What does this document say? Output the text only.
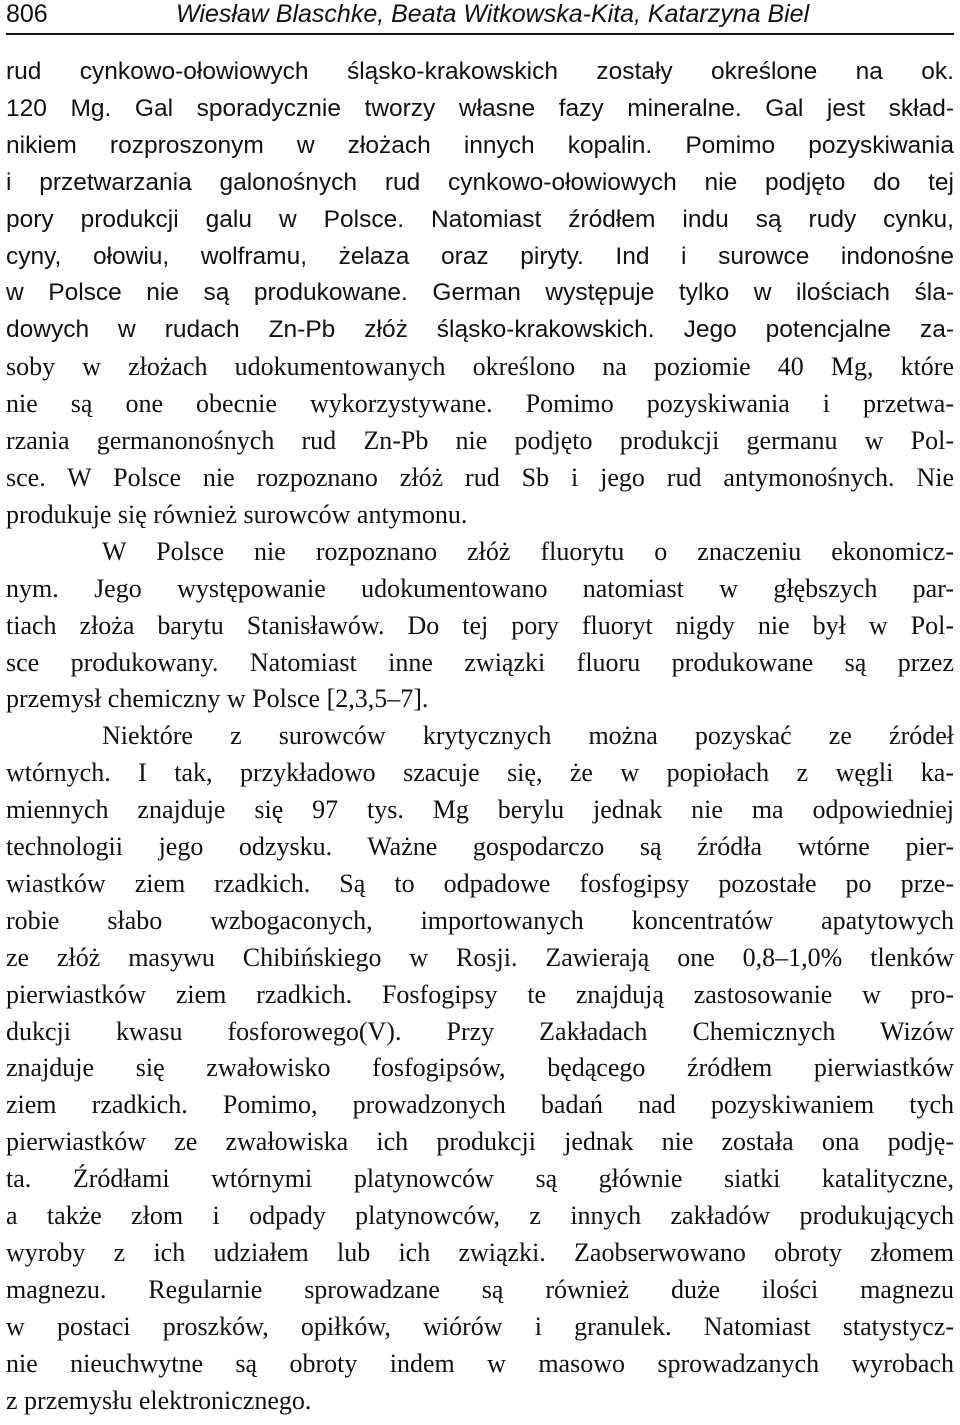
806	Wiesław Blaschke, Beata Witkowska-Kita, Katarzyna Biel

rud cynkowo-ołowiowych śląsko-krakowskich zostały określone na ok.
120 Mg. Gal sporadycznie tworzy własne fazy mineralne. Gal jest skład-
nikiem rozproszonym w złożach innych kopalin. Pomimo pozyskiwania
i przetwarzania galonośnych rud cynkowo-ołowiowych nie podjęto do tej
pory produkcji galu w Polsce. Natomiast źródłem indu są rudy cynku,
cyny, ołowiu, wolframu, żelaza oraz piryty. Ind i surowce indonośne
w Polsce nie są produkowane. German występuje tylko w ilościach śla-
dowych w rudach Zn-Pb złóż śląsko-krakowskich. Jego potencjalne za-
soby w złożach udokumentowanych określono na poziomie 40 Mg, które
nie są one obecnie wykorzystywane. Pomimo pozyskiwania i przetwa-
rzania germanonośnych rud Zn-Pb nie podjęto produkcji germanu w Pol-
sce. W Polsce nie rozpoznano złóż rud Sb i jego rud antymonośnych. Nie
produkuje się również surowców antymonu.

W Polsce nie rozpoznano złóż fluorytu o znaczeniu ekonomicz-
nym. Jego występowanie udokumentowano natomiast w głębszych par-
tiach złoża barytu Stanisławów. Do tej pory fluoryt nigdy nie był w Pol-
sce produkowany. Natomiast inne związki fluoru produkowane są przez
przemysł chemiczny w Polsce [2,3,5–7].

Niektóre z surowców krytycznych można pozyskać ze źródeł
wtórnych. I tak, przykładowo szacuje się, że w popiołach z węgli ka-
miennych znajduje się 97 tys. Mg berylu jednak nie ma odpowiedniej
technologii jego odzysku. Ważne gospodarczo są źródła wtórne pier-
wiastków ziem rzadkich. Są to odpadowe fosfogipsy pozostałe po prze-
robie słabo wzbogaconych, importowanych koncentratów apatytowych
ze złóż masywu Chibińskiego w Rosji. Zawierają one 0,8–1,0% tlenków
pierwiastków ziem rzadkich. Fosfogipsy te znajdują zastosowanie w pro-
dukcji kwasu fosforowego(V). Przy Zakładach Chemicznych Wizów
znajduje się zwałowisko fosfogipsów, będącego źródłem pierwiastków
ziem rzadkich. Pomimo, prowadzonych badań nad pozyskiwaniem tych
pierwiastków ze zwałowiska ich produkcji jednak nie została ona podję-
ta. Źródłami wtórnymi platynowców są głównie siatki katalityczne,
a także złom i odpady platynowców, z innych zakładów produkujących
wyroby z ich udziałem lub ich związki. Zaobserwowano obroty złomem
magnezu. Regularnie sprowadzane są również duże ilości magnezu
w postaci proszków, opiłków, wiórów i granulek. Natomiast statystycz-
nie nieuchwytne są obroty indem w masowo sprowadzanych wyrobach
z przemysłu elektronicznego.
